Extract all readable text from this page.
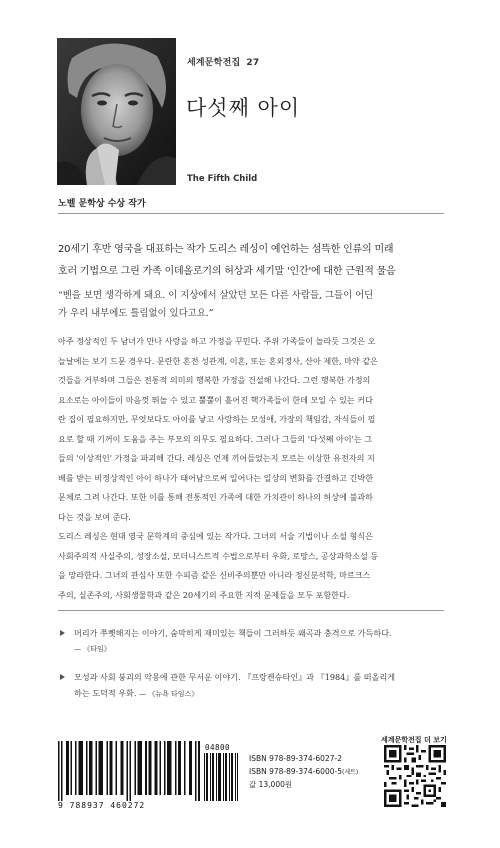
세계문학전집 27
다섯째 아이
The Fifth Child
노벨 문학상 수상 작가
20세기 후반 영국을 대표하는 작가 도리스 레싱이 예언하는 섬뜩한 인류의 미래
호러 기법으로 그린 가족 이데올로기의 허상과 세기말 '인간'에 대한 근원적 물음
“벤을 보면 생각하게 돼요. 이 지상에서 살았던 모든 다른 사람들, 그들이 어딘
가 우리 내부에도 틀림없이 있다고요.”
아주 정상적인 두 남녀가 만나 사랑을 하고 가정을 꾸민다. 주위 가족들이 놀라듯 그것은 오
늘날에는 보기 드문 경우다. 문란한 혼전 성관계, 이혼, 또는 혼외정사, 산아 제한, 마약 같은
것들을 거부하며 그들은 전통적 의미의 행복한 가정을 건설해 나간다. 그런 행복한 가정의
요소로는 아이들이 마음껏 뛰놀 수 있고 뿔뿔이 흩어진 핵가족들이 한데 모일 수 있는 커다
란 집이 필요하지만, 무엇보다도 아이를 낳고 사랑하는 모성애, 가장의 책임감, 자식들이 필
요로 할 때 기꺼이 도움을 주는 부모의 의무도 필요하다. 그러나 그들의 '다섯째 아이'는 그
들의 '이상적인' 가정을 파괴해 간다. 레싱은 언제 끼어들었는지 모르는 이상한 유전자의 지
배를 받는 비정상적인 아이 하나가 태어남으로써 일어나는 일상의 변화를 간결하고 긴박한
문체로 그려 나간다. 또한 이를 통해 전통적인 가족에 대한 가치관이 하나의 허상에 불과하
다는 것을 보여 준다.
도리스 레싱은 현대 영국 문학계의 중심에 있는 작가다. 그녀의 서술 기법이나 소설 형식은
사회주의적 사실주의, 성장소설, 모더니스트적 수법으로부터 우화, 로망스, 공상과학소설 등
을 망라한다. 그녀의 관심사 또한 수피즘 같은 신비주의뿐만 아니라 정신분석학, 마르크스
주의, 실존주의, 사회생물학과 같은 20세기의 주요한 지적 문제들을 모두 포함한다.
머리가 쭈뼛해지는 이야기, 숨막히게 재미있는 책들이 그러하듯 왜곡과 충격으로 가득하다.
— 《타임》
모성과 사회 붕괴의 악몽에 관한 무서운 이야기. 『프랑켄슈타인』과 『1984』를 떠올리게
하는 도덕적 우화. — 《뉴욕 타임스》
세계문학전집 더 보기
9 788937 460272
04800
ISBN 978-89-374-6027-2
ISBN 978-89-374-6000-5(세트)
값 13,000원
